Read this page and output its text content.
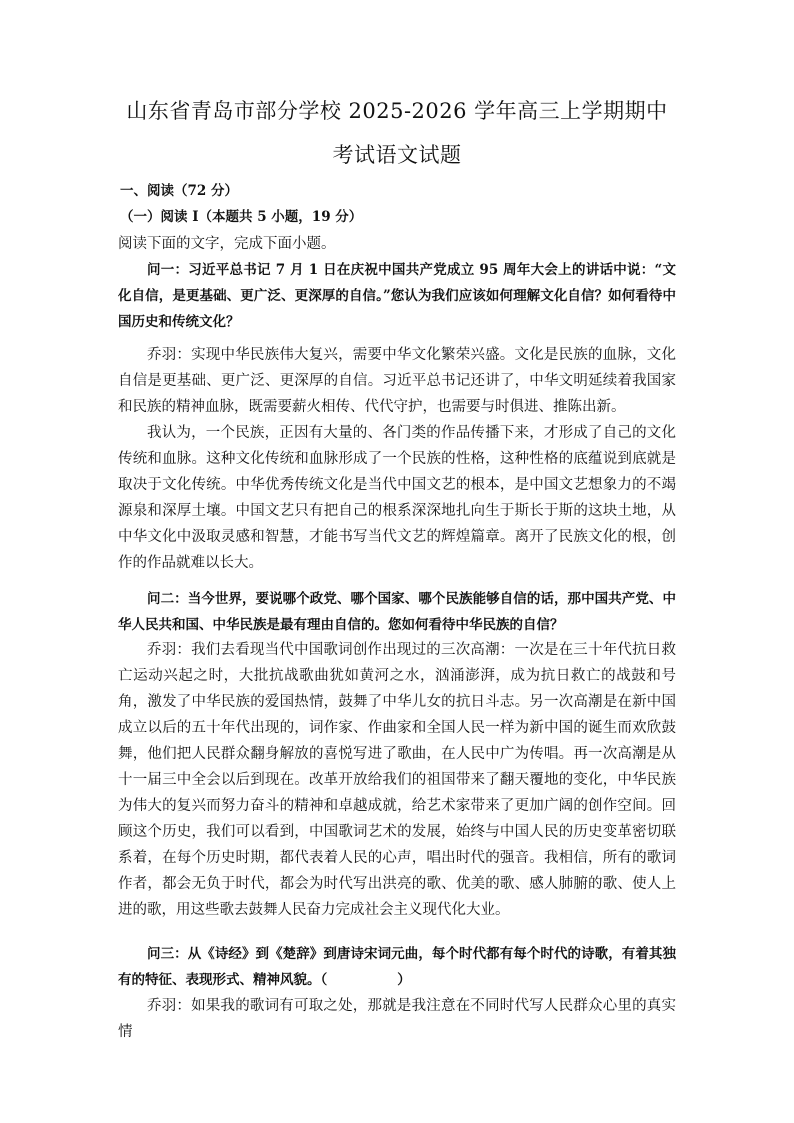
山东省青岛市部分学校 2025-2026 学年高三上学期期中
考试语文试题
一、阅读（72 分）
（一）阅读 I（本题共 5 小题，19 分）

阅读下面的文字，完成下面小题。

问一：习近平总书记 7 月 1 日在庆祝中国共产党成立 95 周年大会上的讲话中说：“文化自信，是更基础、更广泛、更深厚的自信。”您认为我们应该如何理解文化自信？如何看待中国历史和传统文化？

乔羽：实现中华民族伟大复兴，需要中华文化繁荣兴盛。文化是民族的血脉，文化自信是更基础、更广泛、更深厚的自信。习近平总书记还讲了，中华文明延续着我国家和民族的精神血脉，既需要薪火相传、代代守护，也需要与时俱进、推陈出新。

我认为，一个民族，正因有大量的、各门类的作品传播下来，才形成了自己的文化传统和血脉。这种文化传统和血脉形成了一个民族的性格，这种性格的底蕴说到底就是取决于文化传统。中华优秀传统文化是当代中国文艺的根本，是中国文艺想象力的不竭源泉和深厚土壤。中国文艺只有把自己的根系深深地扎向生于斯长于斯的这块土地，从中华文化中汲取灵感和智慧，才能书写当代文艺的辉煌篇章。离开了民族文化的根，创作的作品就难以长大。

问二：当今世界，要说哪个政党、哪个国家、哪个民族能够自信的话，那中国共产党、中华人民共和国、中华民族是最有理由自信的。您如何看待中华民族的自信？

乔羽：我们去看现当代中国歌词创作出现过的三次高潮：一次是在三十年代抗日救亡运动兴起之时，大批抗战歌曲犹如黄河之水，汹涌澎湃，成为抗日救亡的战鼓和号角，激发了中华民族的爱国热情，鼓舞了中华儿女的抗日斗志。另一次高潮是在新中国成立以后的五十年代出现的，词作家、作曲家和全国人民一样为新中国的诞生而欢欣鼓舞，他们把人民群众翻身解放的喜悦写进了歌曲，在人民中广为传唱。再一次高潮是从十一届三中全会以后到现在。改革开放给我们的祖国带来了翻天覆地的变化，中华民族为伟大的复兴而努力奋斗的精神和卓越成就，给艺术家带来了更加广阔的创作空间。回顾这个历史，我们可以看到，中国歌词艺术的发展，始终与中国人民的历史变革密切联系着，在每个历史时期，都代表着人民的心声，唱出时代的强音。我相信，所有的歌词作者，都会无负于时代，都会为时代写出洪亮的歌、优美的歌、感人肺腑的歌、使人上进的歌，用这些歌去鼓舞人民奋力完成社会主义现代化大业。

问三：从《诗经》到《楚辞》到唐诗宋词元曲，每个时代都有每个时代的诗歌，有着其独有的特征、表现形式、精神风貌。（	）

乔羽：如果我的歌词有可取之处，那就是我注意在不同时代写人民群众心里的真实情
